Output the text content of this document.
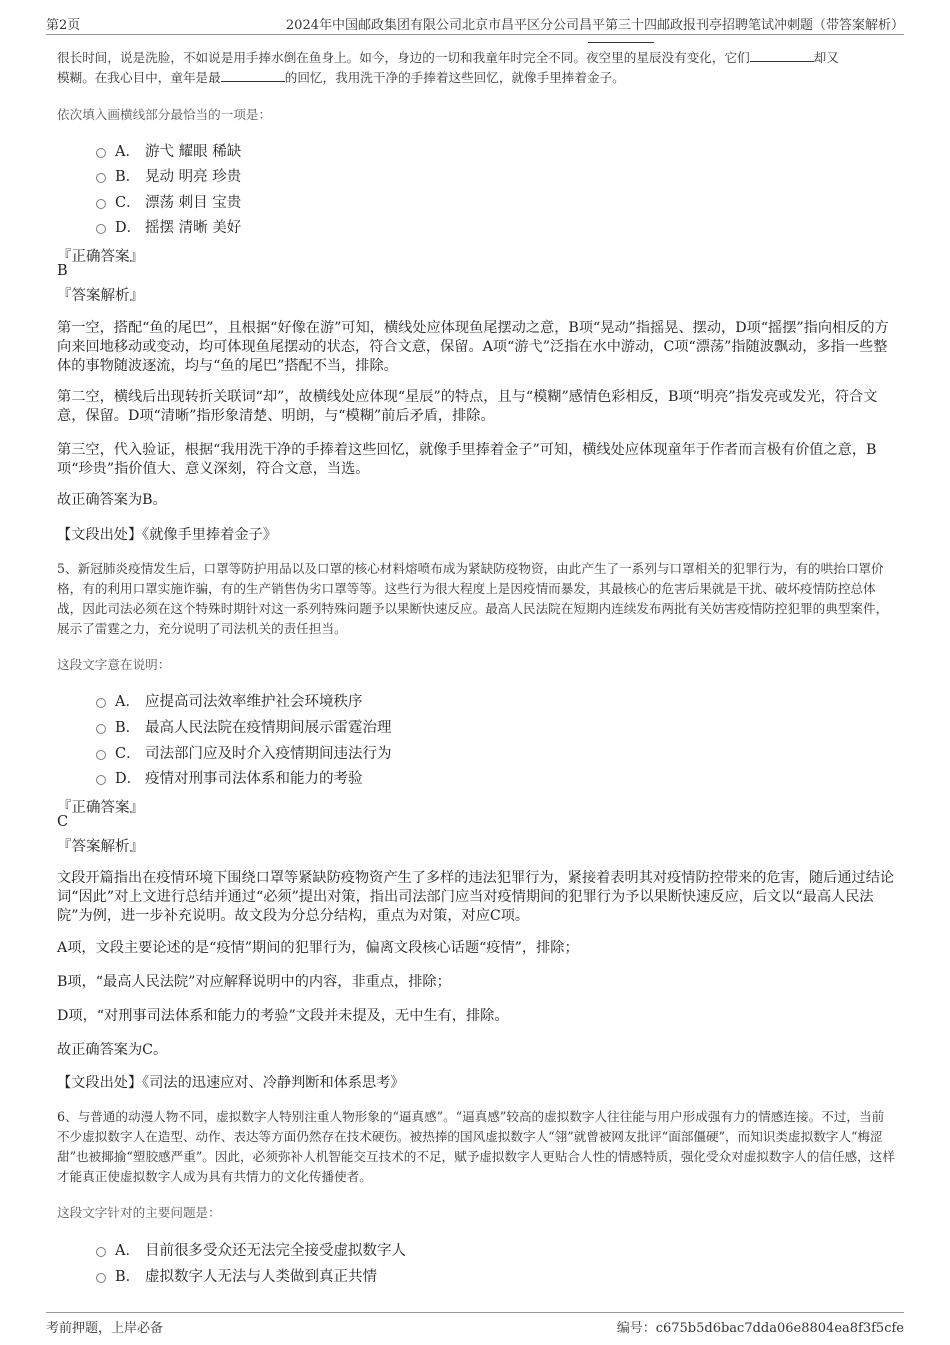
第2页	2024年中国邮政集团有限公司北京市昌平区分公司昌平第三十四邮政报刊亭招聘笔试冲刺题（带答案解析）
很长时间，说是洗脸，不如说是用手捧水倒在鱼身上。如今，身边的一切和我童年时完全不同。夜空里的星辰没有变化，它们	却又
模糊。在我心目中，童年是最	的回忆，我用洗干净的手捧着这些回忆，就像手里捧着金子。
依次填入画横线部分最恰当的一项是：
A． 游弋 耀眼 稀缺
B． 晃动 明亮 珍贵
C． 漂荡 刺目 宝贵
D． 摇摆 清晰 美好
『正确答案』
B
『答案解析』
第一空，搭配“鱼的尾巴”，且根据“好像在游”可知，横线处应体现鱼尾摆动之意，B项“晃动”指摇晃、摆动，D项“摇摆”指向相反的方向来回地移动或变动，均可体现鱼尾摆动的状态，符合文意，保留。A项“游弋”泛指在水中游动，C项“漂荡”指随波飘动，多指一些整体的事物随波逐流，均与“鱼的尾巴”搭配不当，排除。
第二空，横线后出现转折关联词“却”，故横线处应体现“星辰”的特点，且与“模糊”感情色彩相反，B项“明亮”指发亮或发光，符合文意，保留。D项“清晰”指形象清楚、明朗，与“模糊”前后矛盾，排除。
第三空，代入验证，根据“我用洗干净的手捧着这些回忆，就像手里捧着金子”可知，横线处应体现童年于作者而言极有价值之意，B项“珍贵”指价值大、意义深刻，符合文意，当选。
故正确答案为B。
【文段出处】《就像手里捧着金子》
5、新冠肺炎疫情发生后，口罩等防护用品以及口罩的核心材料熔喷布成为紧缺防疫物资，由此产生了一系列与口罩相关的犯罪行为，有的哄抬口罩价格，有的利用口罩实施诈骗，有的生产销售伪劣口罩等等。这些行为很大程度上是因疫情而暴发，其最核心的危害后果就是干扰、破坏疫情防控总体战，因此司法必须在这个特殊时期针对这一系列特殊问题予以果断快速反应。最高人民法院在短期内连续发布两批有关妨害疫情防控犯罪的典型案件，展示了雷霆之力，充分说明了司法机关的责任担当。
这段文字意在说明：
A． 应提高司法效率维护社会环境秩序
B． 最高人民法院在疫情期间展示雷霆治理
C． 司法部门应及时介入疫情期间违法行为
D． 疫情对刑事司法体系和能力的考验
『正确答案』
C
『答案解析』
文段开篇指出在疫情环境下围绕口罩等紧缺防疫物资产生了多样的违法犯罪行为，紧接着表明其对疫情防控带来的危害，随后通过结论词“因此”对上文进行总结并通过“必须”提出对策，指出司法部门应当对疫情期间的犯罪行为予以果断快速反应，后文以“最高人民法院”为例，进一步补充说明。故文段为分总分结构，重点为对策，对应C项。
A项，文段主要论述的是“疫情”期间的犯罪行为，偏离文段核心话题“疫情”，排除；
B项，“最高人民法院”对应解释说明中的内容，非重点，排除；
D项，“对刑事司法体系和能力的考验”文段并未提及，无中生有，排除。
故正确答案为C。
【文段出处】《司法的迅速应对、冷静判断和体系思考》
6、与普通的动漫人物不同，虚拟数字人特别注重人物形象的“逼真感”。“逼真感”较高的虚拟数字人往往能与用户形成强有力的情感连接。不过，当前不少虚拟数字人在造型、动作、表达等方面仍然存在技术硬伤。被热捧的国风虚拟数字人“翎”就曾被网友批评“面部僵硬”，而知识类虚拟数字人“梅涩甜”也被揶揄“塑胶感严重”。因此，必须弥补人机智能交互技术的不足，赋予虚拟数字人更贴合人性的情感特质，强化受众对虚拟数字人的信任感，这样才能真正使虚拟数字人成为具有共情力的文化传播使者。
这段文字针对的主要问题是：
A． 目前很多受众还无法完全接受虚拟数字人
B． 虚拟数字人无法与人类做到真正共情
考前押题，上岸必备	编号：c675b5d6bac7dda06e8804ea8f3f5cfe
